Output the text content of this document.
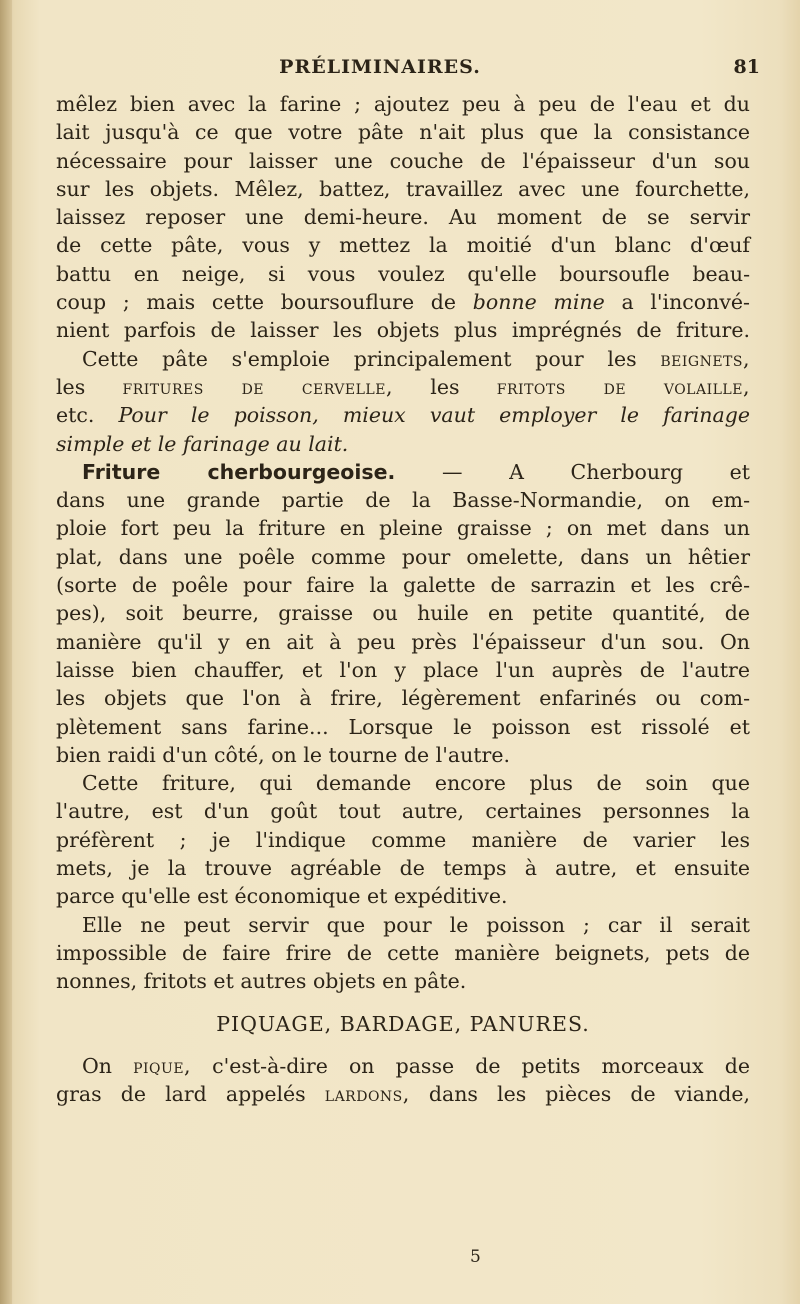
PRÉLIMINAIRES.	81
mêlez bien avec la farine ; ajoutez peu à peu de l'eau et du
lait jusqu'à ce que votre pâte n'ait plus que la consistance
nécessaire pour laisser une couche de l'épaisseur d'un sou
sur les objets. Mêlez, battez, travaillez avec une fourchette,
laissez reposer une demi-heure. Au moment de se servir
de cette pâte, vous y mettez la moitié d'un blanc d'œuf
battu en neige, si vous voulez qu'elle boursoufle beau-
coup ; mais cette boursouflure de bonne mine a l'inconvé-
nient parfois de laisser les objets plus imprégnés de friture.
Cette pâte s'emploie principalement pour les beignets,
les fritures de cervelle, les fritots de volaille,
etc. Pour le poisson, mieux vaut employer le farinage
simple et le farinage au lait.
Friture cherbourgeoise. — A Cherbourg et
dans une grande partie de la Basse-Normandie, on em-
ploie fort peu la friture en pleine graisse ; on met dans un
plat, dans une poêle comme pour omelette, dans un hêtier
(sorte de poêle pour faire la galette de sarrazin et les crê-
pes), soit beurre, graisse ou huile en petite quantité, de
manière qu'il y en ait à peu près l'épaisseur d'un sou. On
laisse bien chauffer, et l'on y place l'un auprès de l'autre
les objets que l'on à frire, légèrement enfarinés ou com-
plètement sans farine... Lorsque le poisson est rissolé et
bien raidi d'un côté, on le tourne de l'autre.
Cette friture, qui demande encore plus de soin que
l'autre, est d'un goût tout autre, certaines personnes la
préfèrent ; je l'indique comme manière de varier les
mets, je la trouve agréable de temps à autre, et ensuite
parce qu'elle est économique et expéditive.
Elle ne peut servir que pour le poisson ; car il serait
impossible de faire frire de cette manière beignets, pets de
nonnes, fritots et autres objets en pâte.
PIQUAGE, BARDAGE, PANURES.
On pique, c'est-à-dire on passe de petits morceaux de
gras de lard appelés lardons, dans les pièces de viande,
5
